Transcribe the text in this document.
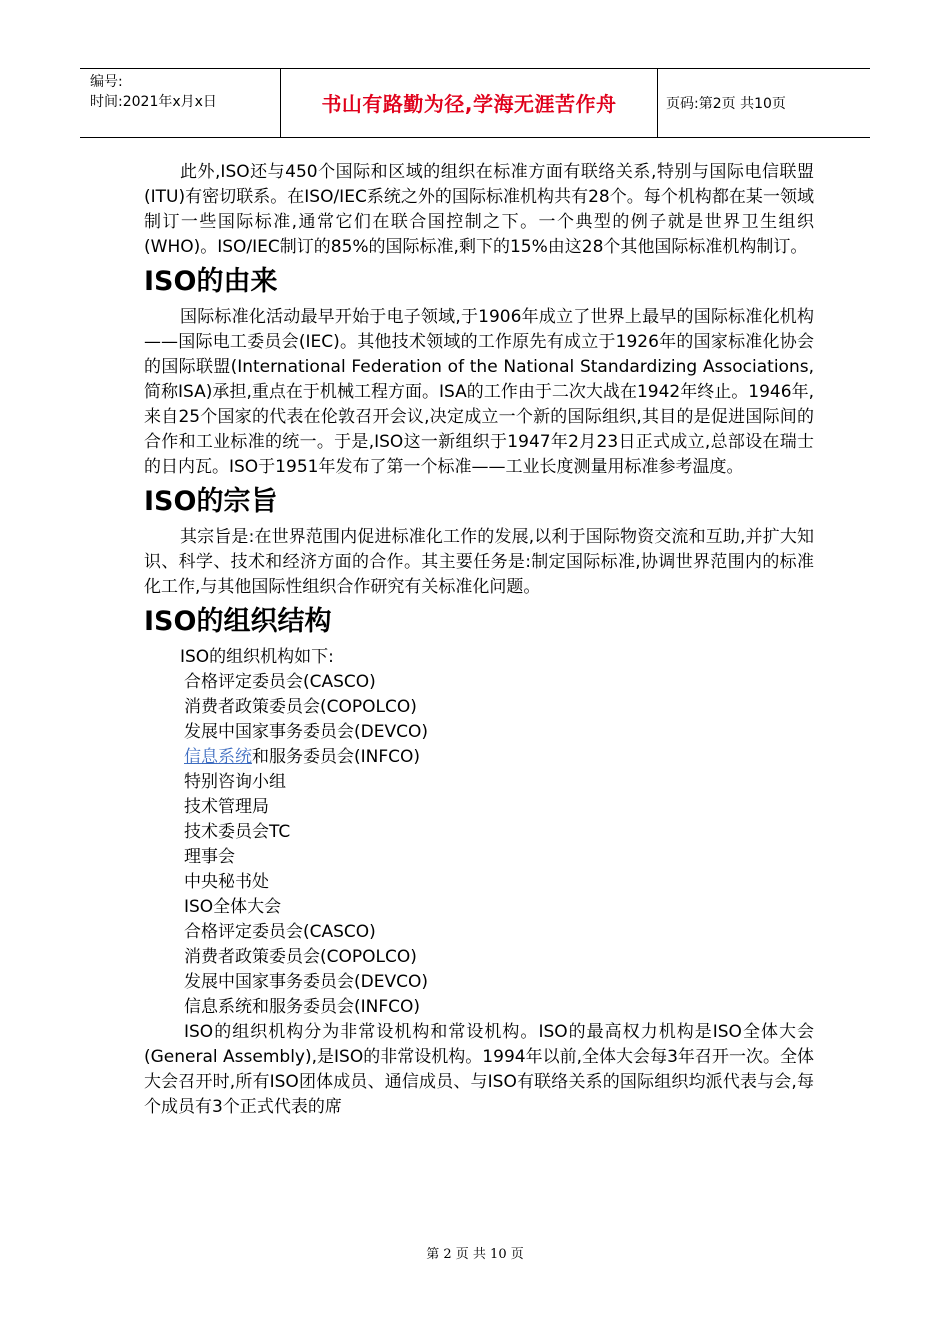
编号:
时间:2021年x月x日	书山有路勤为径,学海无涯苦作舟	页码:第2页 共10页

此外,ISO还与450个国际和区域的组织在标准方面有联络关系,特别与国际电信联盟(ITU)有密切联系。在ISO/IEC系统之外的国际标准机构共有28个。每个机构都在某一领域制订一些国际标准,通常它们在联合国控制之下。一个典型的例子就是世界卫生组织(WHO)。ISO/IEC制订的85%的国际标准,剩下的15%由这28个其他国际标准机构制订。

ISO的由来

国际标准化活动最早开始于电子领域,于1906年成立了世界上最早的国际标准化机构——国际电工委员会(IEC)。其他技术领域的工作原先有成立于1926年的国家标准化协会的国际联盟(International Federation of the National Standardizing Associations,简称ISA)承担,重点在于机械工程方面。ISA的工作由于二次大战在1942年终止。1946年,来自25个国家的代表在伦敦召开会议,决定成立一个新的国际组织,其目的是促进国际间的合作和工业标准的统一。于是,ISO这一新组织于1947年2月23日正式成立,总部设在瑞士的日内瓦。ISO于1951年发布了第一个标准——工业长度测量用标准参考温度。

ISO的宗旨

其宗旨是:在世界范围内促进标准化工作的发展,以利于国际物资交流和互助,并扩大知识、科学、技术和经济方面的合作。其主要任务是:制定国际标准,协调世界范围内的标准化工作,与其他国际性组织合作研究有关标准化问题。

ISO的组织结构
ISO的组织机构如下:
合格评定委员会(CASCO)
消费者政策委员会(COPOLCO)
发展中国家事务委员会(DEVCO)
信息系统和服务委员会(INFCO)
特别咨询小组
技术管理局
技术委员会TC
理事会
中央秘书处
ISO全体大会
合格评定委员会(CASCO)
消费者政策委员会(COPOLCO)
发展中国家事务委员会(DEVCO)
信息系统和服务委员会(INFCO)

ISO的组织机构分为非常设机构和常设机构。ISO的最高权力机构是ISO全体大会(General Assembly),是ISO的非常设机构。1994年以前,全体大会每3年召开一次。全体大会召开时,所有ISO团体成员、通信成员、与ISO有联络关系的国际组织均派代表与会,每个成员有3个正式代表的席

第 2 页 共 10 页
